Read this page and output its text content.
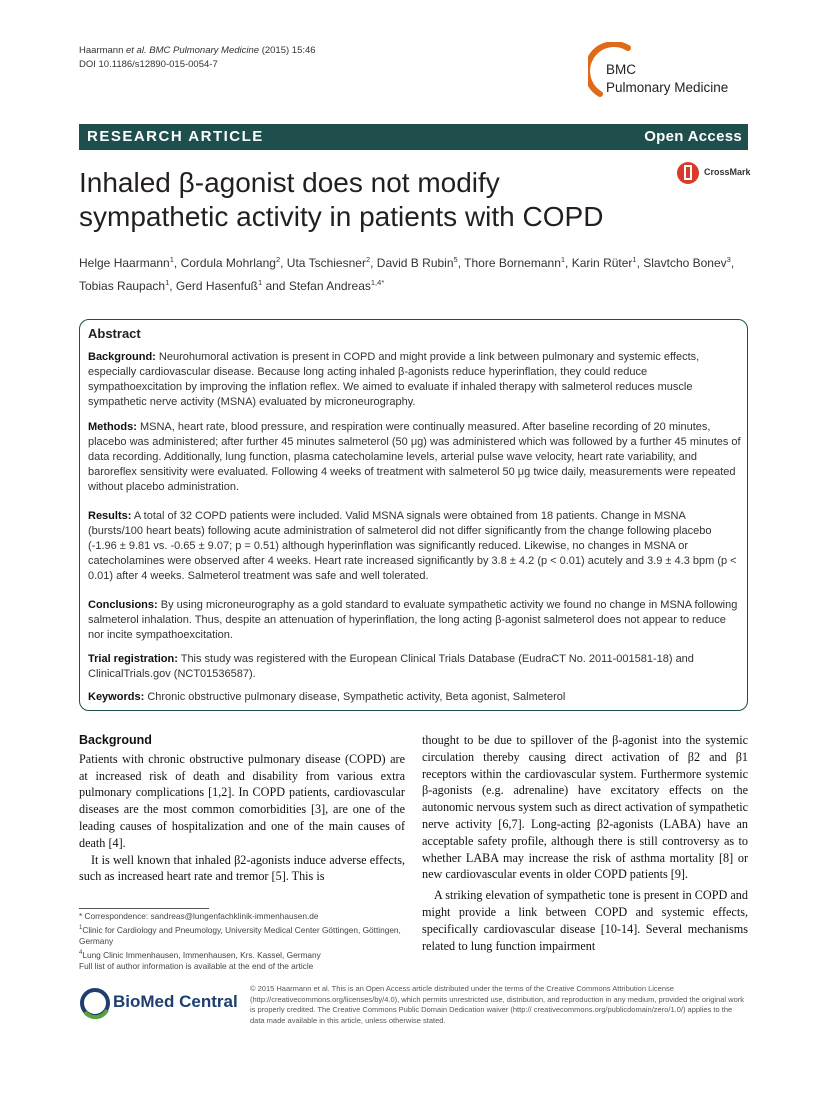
Haarmann et al. BMC Pulmonary Medicine (2015) 15:46
DOI 10.1186/s12890-015-0054-7	BMC
Pulmonary Medicine
RESEARCH ARTICLE	Open Access
CrossMark
Inhaled β-agonist does not modify
sympathetic activity in patients with COPD
Helge Haarmann$^1$, Cordula Mohrlang$^2$, Uta Tschiesner$^2$, David B Rubin$^5$, Thore Bornemann$^1$, Karin Rüter$^1$, Slavtcho Bonev$^3$, Tobias Raupach$^1$, Gerd Hasenfuß$^1$ and Stefan Andreas$^{1,4*}$
Abstract
Background: Neurohumoral activation is present in COPD and might provide a link between pulmonary and systemic effects, especially cardiovascular disease. Because long acting inhaled β-agonists reduce hyperinflation, they could reduce sympathoexcitation by improving the inflation reflex. We aimed to evaluate if inhaled therapy with salmeterol reduces muscle sympathetic nerve activity (MSNA) evaluated by microneurography.
Methods: MSNA, heart rate, blood pressure, and respiration were continually measured. After baseline recording of 20 minutes, placebo was administered; after further 45 minutes salmeterol (50 μg) was administered which was followed by a further 45 minutes of data recording. Additionally, lung function, plasma catecholamine levels, arterial pulse wave velocity, heart rate variability, and baroreflex sensitivity were evaluated. Following 4 weeks of treatment with salmeterol 50 μg twice daily, measurements were repeated without placebo administration.
Results: A total of 32 COPD patients were included. Valid MSNA signals were obtained from 18 patients. Change in MSNA (bursts/100 heart beats) following acute administration of salmeterol did not differ significantly from the change following placebo (-1.96 ± 9.81 vs. -0.65 ± 9.07; p = 0.51) although hyperinflation was significantly reduced. Likewise, no changes in MSNA or catecholamines were observed after 4 weeks. Heart rate increased significantly by 3.8 ± 4.2 (p < 0.01) acutely and 3.9 ± 4.3 bpm (p < 0.01) after 4 weeks. Salmeterol treatment was safe and well tolerated.
Conclusions: By using microneurography as a gold standard to evaluate sympathetic activity we found no change in MSNA following salmeterol inhalation. Thus, despite an attenuation of hyperinflation, the long acting β-agonist salmeterol does not appear to reduce nor incite sympathoexcitation.
Trial registration: This study was registered with the European Clinical Trials Database (EudraCT No. 2011-001581-18) and ClinicalTrials.gov (NCT01536587).
Keywords: Chronic obstructive pulmonary disease, Sympathetic activity, Beta agonist, Salmeterol
Background

Patients with chronic obstructive pulmonary disease (COPD) are at increased risk of death and disability from various extra pulmonary complications [1,2]. In COPD patients, cardiovascular diseases are the most common comorbidities [3], are one of the leading causes of hospitalization and one of the main causes of death [4].

It is well known that inhaled β2-agonists induce adverse effects, such as increased heart rate and tremor [5]. This is

thought to be due to spillover of the β-agonist into the systemic circulation thereby causing direct activation of β2 and β1 receptors within the cardiovascular system. Furthermore systemic β-agonists (e.g. adrenaline) have excitatory effects on the autonomic nervous system such as direct activation of sympathetic nerve activity [6,7]. Long-acting β2-agonists (LABA) have an acceptable safety profile, although there is still controversy as to whether LABA may increase the risk of asthma mortality [8] or new cardiovascular events in older COPD patients [9].

A striking elevation of sympathetic tone is present in COPD and might provide a link between COPD and systemic effects, specifically cardiovascular disease [10-14]. Several mechanisms related to lung function impairment

* Correspondence: sandreas@lungenfachklinik-immenhausen.de
$^1$Clinic for Cardiology and Pneumology, University Medical Center Göttingen, Göttingen, Germany
$^4$Lung Clinic Immenhausen, Immenhausen, Krs. Kassel, Germany
Full list of author information is available at the end of the article
BioMed Central
© 2015 Haarmann et al. This is an Open Access article distributed under the terms of the Creative Commons Attribution License (http://creativecommons.org/licenses/by/4.0), which permits unrestricted use, distribution, and reproduction in any medium, provided the original work is properly credited. The Creative Commons Public Domain Dedication waiver (http:// creativecommons.org/publicdomain/zero/1.0/) applies to the data made available in this article, unless otherwise stated.
